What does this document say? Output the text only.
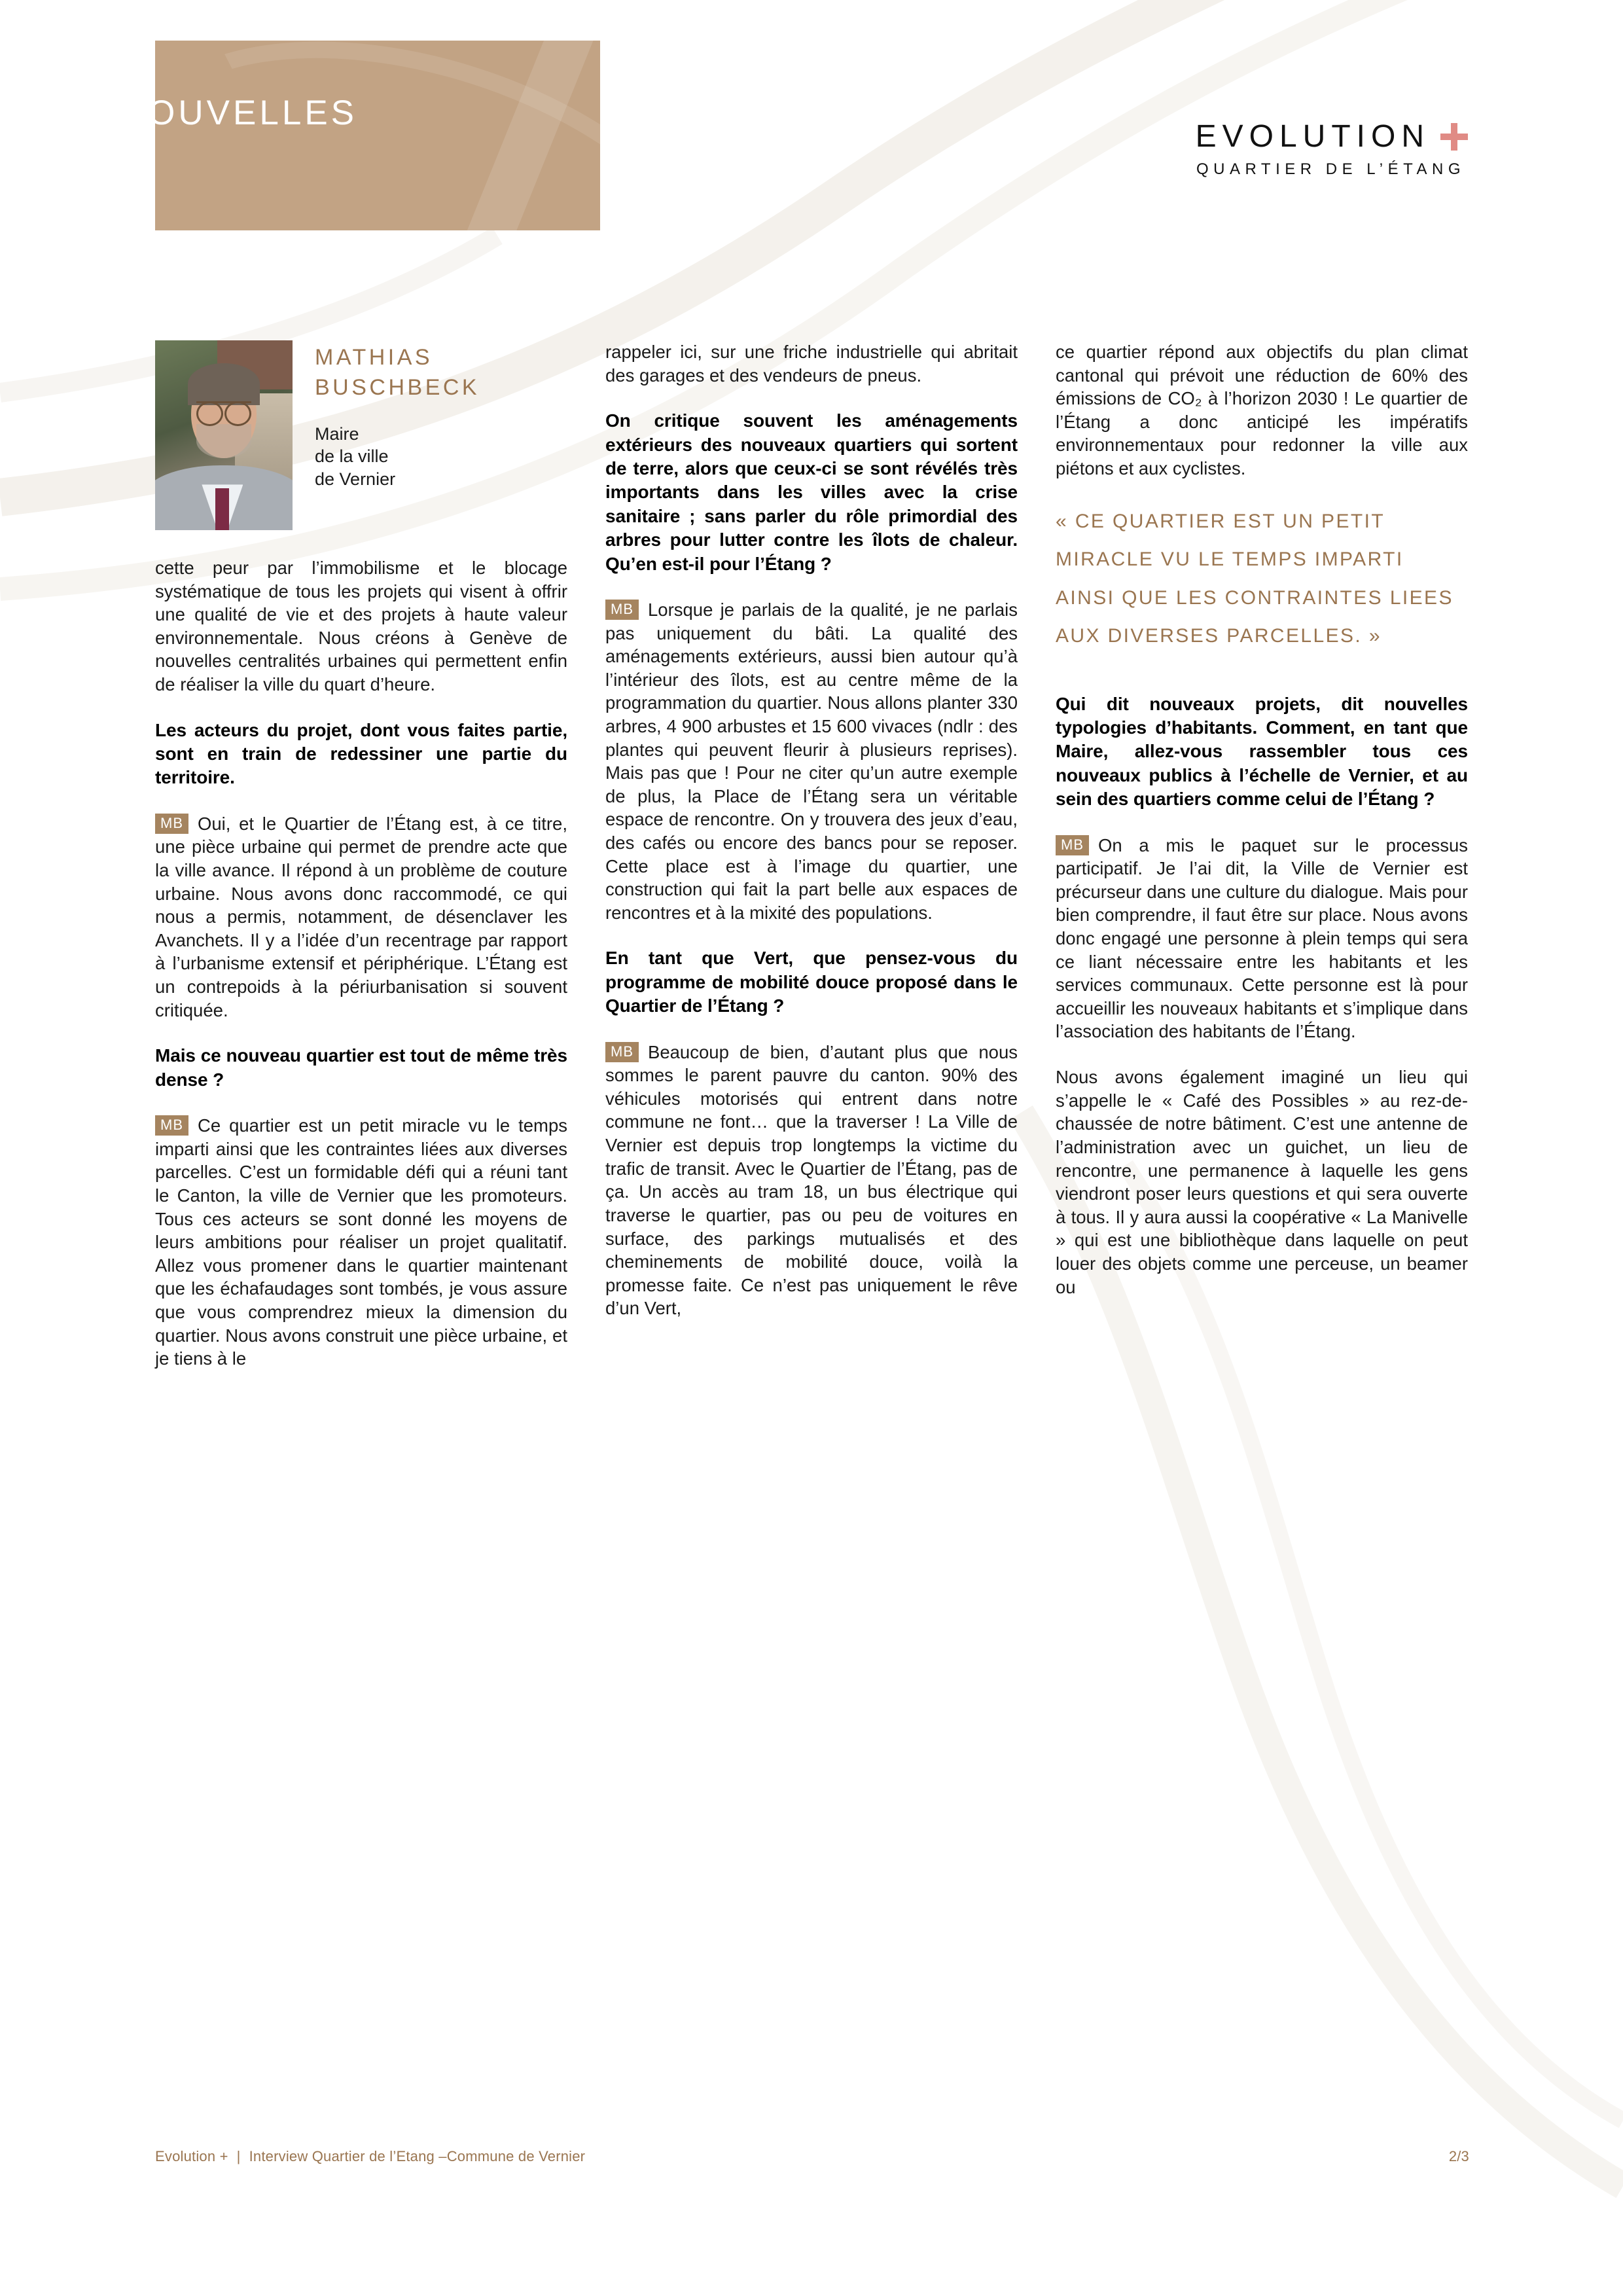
LES NOUVELLES
26.08.2021	EVOLUTION
QUARTIER DE L’ÉTANG
MATHIAS
BUSCHBECK
Maire
de la ville
de Vernier

cette peur par l’immobilisme et le blocage systématique de tous les projets qui visent à offrir une qualité de vie et des projets à haute valeur environnementale. Nous créons à Genève de nouvelles centralités urbaines qui permettent enfin de réaliser la ville du quart d’heure.

Les acteurs du projet, dont vous faites partie, sont en train de redessiner une partie du territoire.

MB Oui, et le Quartier de l’Étang est, à ce titre, une pièce urbaine qui permet de prendre acte que la ville avance. Il répond à un problème de couture urbaine. Nous avons donc raccommodé, ce qui nous a permis, notamment, de désenclaver les Avanchets. Il y a l’idée d’un recentrage par rapport à l’urbanisme extensif et périphérique. L’Étang est un contrepoids à la périurbanisation si souvent critiquée.

Mais ce nouveau quartier est tout de même très dense ?

MB Ce quartier est un petit miracle vu le temps imparti ainsi que les contraintes liées aux diverses parcelles. C’est un formidable défi qui a réuni tant le Canton, la ville de Vernier que les promoteurs. Tous ces acteurs se sont donné les moyens de leurs ambitions pour réaliser un projet qualitatif. Allez vous promener dans le quartier maintenant que les échafaudages sont tombés, je vous assure que vous comprendrez mieux la dimension du quartier. Nous avons construit une pièce urbaine, et je tiens à le

rappeler ici, sur une friche industrielle qui abritait des garages et des vendeurs de pneus.

On critique souvent les aménagements extérieurs des nouveaux quartiers qui sortent de terre, alors que ceux-ci se sont révélés très importants dans les villes avec la crise sanitaire ; sans parler du rôle primordial des arbres pour lutter contre les îlots de chaleur. Qu’en est-il pour l’Étang ?

MB Lorsque je parlais de la qualité, je ne parlais pas uniquement du bâti. La qualité des aménagements extérieurs, aussi bien autour qu’à l’intérieur des îlots, est au centre même de la programmation du quartier. Nous allons planter 330 arbres, 4 900 arbustes et 15 600 vivaces (ndlr : des plantes qui peuvent fleurir à plusieurs reprises). Mais pas que ! Pour ne citer qu’un autre exemple de plus, la Place de l’Étang sera un véritable espace de rencontre. On y trouvera des jeux d’eau, des cafés ou encore des bancs pour se reposer. Cette place est à l’image du quartier, une construction qui fait la part belle aux espaces de rencontres et à la mixité des populations.

En tant que Vert, que pensez-vous du programme de mobilité douce proposé dans le Quartier de l’Étang ?

MB Beaucoup de bien, d’autant plus que nous sommes le parent pauvre du canton. 90% des véhicules motorisés qui entrent dans notre commune ne font… que la traverser ! La Ville de Vernier est depuis trop longtemps la victime du trafic de transit. Avec le Quartier de l’Étang, pas de ça. Un accès au tram 18, un bus électrique qui traverse le quartier, pas ou peu de voitures en surface, des parkings mutualisés et des cheminements de mobilité douce, voilà la promesse faite. Ce n’est pas uniquement le rêve d’un Vert,

ce quartier répond aux objectifs du plan climat cantonal qui prévoit une réduction de 60% des émissions de CO₂ à l’horizon 2030 ! Le quartier de l’Étang a donc anticipé les impératifs environnementaux pour redonner la ville aux piétons et aux cyclistes.

« CE QUARTIER EST UN PETIT MIRACLE VU LE TEMPS IMPARTI AINSI QUE LES CONTRAINTES LIEES AUX DIVERSES PARCELLES. »

Qui dit nouveaux projets, dit nouvelles typologies d’habitants. Comment, en tant que Maire, allez-vous rassembler tous ces nouveaux publics à l’échelle de Vernier, et au sein des quartiers comme celui de l’Étang ?

MB On a mis le paquet sur le processus participatif. Je l’ai dit, la Ville de Vernier est précurseur dans une culture du dialogue. Mais pour bien comprendre, il faut être sur place. Nous avons donc engagé une personne à plein temps qui sera ce liant nécessaire entre les habitants et les services communaux. Cette personne est là pour accueillir les nouveaux habitants et s’implique dans l’association des habitants de l’Étang.

Nous avons également imaginé un lieu qui s’appelle le « Café des Possibles » au rez-de-chaussée de notre bâtiment. C’est une antenne de l’administration avec un guichet, un lieu de rencontre, une permanence à laquelle les gens viendront poser leurs questions et qui sera ouverte à tous. Il y aura aussi la coopérative « La Manivelle » qui est une bibliothèque dans laquelle on peut louer des objets comme une perceuse, un beamer ou

Evolution + | Interview Quartier de l’Etang –Commune de Vernier	2/3
